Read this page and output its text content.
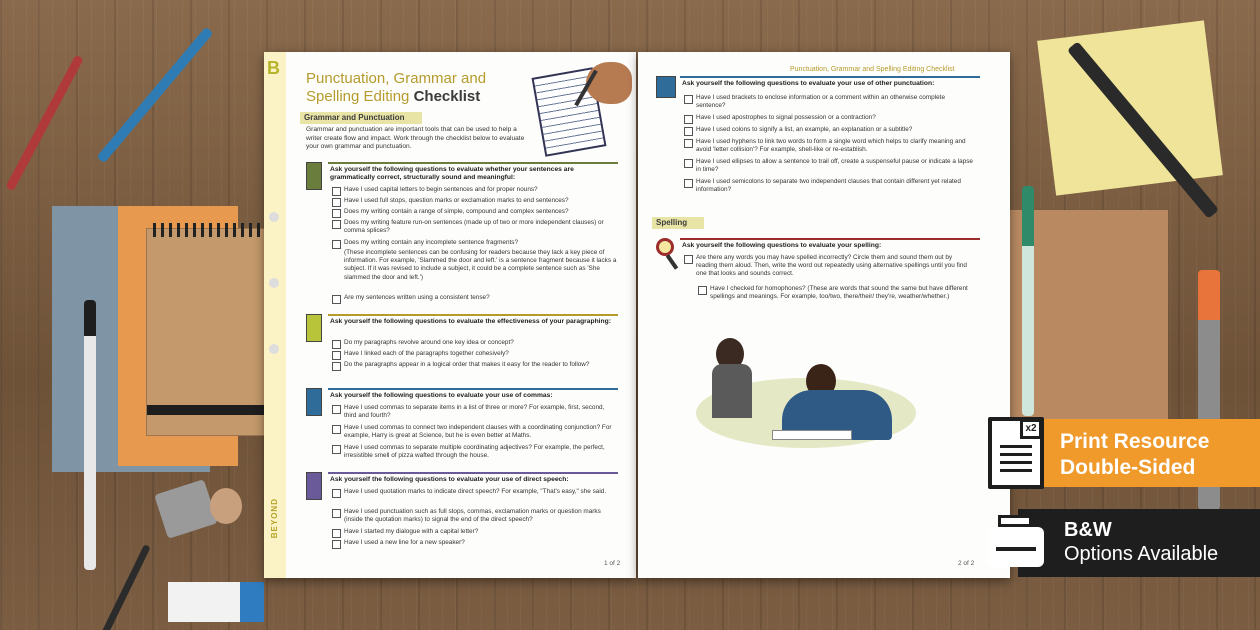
B
BEYOND
Punctuation, Grammar and
Spelling Editing Checklist
Grammar and Punctuation
Grammar and punctuation are important tools that can be used to help a writer create flow and impact. Work through the checklist below to evaluate your own grammar and punctuation.
Ask yourself the following questions to evaluate whether your sentences are grammatically correct, structurally sound and meaningful:
Have I used capital letters to begin sentences and for proper nouns?
Have I used full stops, question marks or exclamation marks to end sentences?
Does my writing contain a range of simple, compound and complex sentences?
Does my writing feature run-on sentences (made up of two or more independent clauses) or comma splices?
Does my writing contain any incomplete sentence fragments?
(These incomplete sentences can be confusing for readers because they lack a key piece of information. For example, 'Slammed the door and left.' is a sentence fragment because it lacks a subject. If it was revised to include a subject, it could be a complete sentence such as 'She slammed the door and left.')
Are my sentences written using a consistent tense?
Ask yourself the following questions to evaluate the effectiveness of your paragraphing:
Do my paragraphs revolve around one key idea or concept?
Have I linked each of the paragraphs together cohesively?
Do the paragraphs appear in a logical order that makes it easy for the reader to follow?
Ask yourself the following questions to evaluate your use of commas:
Have I used commas to separate items in a list of three or more? For example, first, second, third and fourth?
Have I used commas to connect two independent clauses with a coordinating conjunction? For example, Harry is great at Science, but he is even better at Maths.
Have I used commas to separate multiple coordinating adjectives? For example, the perfect, irresistible smell of pizza wafted through the house.
Ask yourself the following questions to evaluate your use of direct speech:
Have I used quotation marks to indicate direct speech? For example, "That's easy," she said.
Have I used punctuation such as full stops, commas, exclamation marks or question marks (inside the quotation marks) to signal the end of the direct speech?
Have I started my dialogue with a capital letter?
Have I used a new line for a new speaker?
1 of 2
Punctuation, Grammar and Spelling Editing Checklist
Ask yourself the following questions to evaluate your use of other punctuation:
Have I used brackets to enclose information or a comment within an otherwise complete sentence?
Have I used apostrophes to signal possession or a contraction?
Have I used colons to signify a list, an example, an explanation or a subtitle?
Have I used hyphens to link two words to form a single word which helps to clarify meaning and avoid 'letter collision'? For example, shell-like or re-establish.
Have I used ellipses to allow a sentence to trail off, create a suspenseful pause or indicate a lapse in time?
Have I used semicolons to separate two independent clauses that contain different yet related information?
Spelling
Ask yourself the following questions to evaluate your spelling:
Are there any words you may have spelled incorrectly? Circle them and sound them out by reading them aloud. Then, write the word out repeatedly using alternative spellings until you find one that looks and sounds correct.
Have I checked for homophones? (These are words that sound the same but have different spellings and meanings. For example, too/two, there/their/ they're, weather/whether.)
2 of 2
x2
Print Resource
Double-Sided
B&W
Options Available
